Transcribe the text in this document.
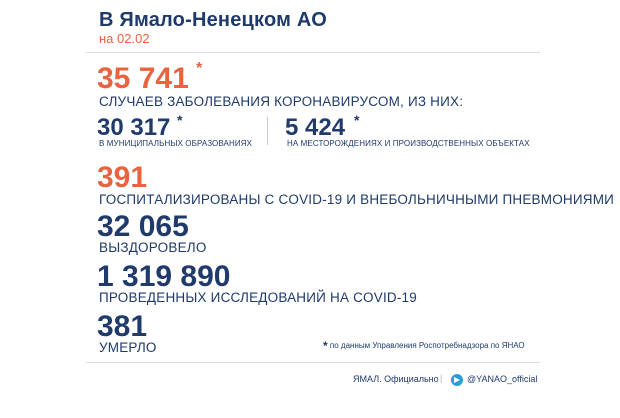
В Ямало-Ненецком АО
на 02.02
35 741 *
СЛУЧАЕВ ЗАБОЛЕВАНИЯ КОРОНАВИРУСОМ, ИЗ НИХ:
30 317 *
В МУНИЦИПАЛЬНЫХ ОБРАЗОВАНИЯХ
5 424 *
НА МЕСТОРОЖДЕНИЯХ И ПРОИЗВОДСТВЕННЫХ ОБЪЕКТАХ
391
ГОСПИТАЛИЗИРОВАНЫ С COVID-19 И ВНЕБОЛЬНИЧНЫМИ ПНЕВМОНИЯМИ
32 065
ВЫЗДОРОВЕЛО
1 319 890
ПРОВЕДЕННЫХ ИССЛЕДОВАНИЙ НА COVID-19
381
УМЕРЛО	* по данным Управления Роспотребнадзора по ЯНАО
ЯМАЛ. Официально |	@YANAO_official
